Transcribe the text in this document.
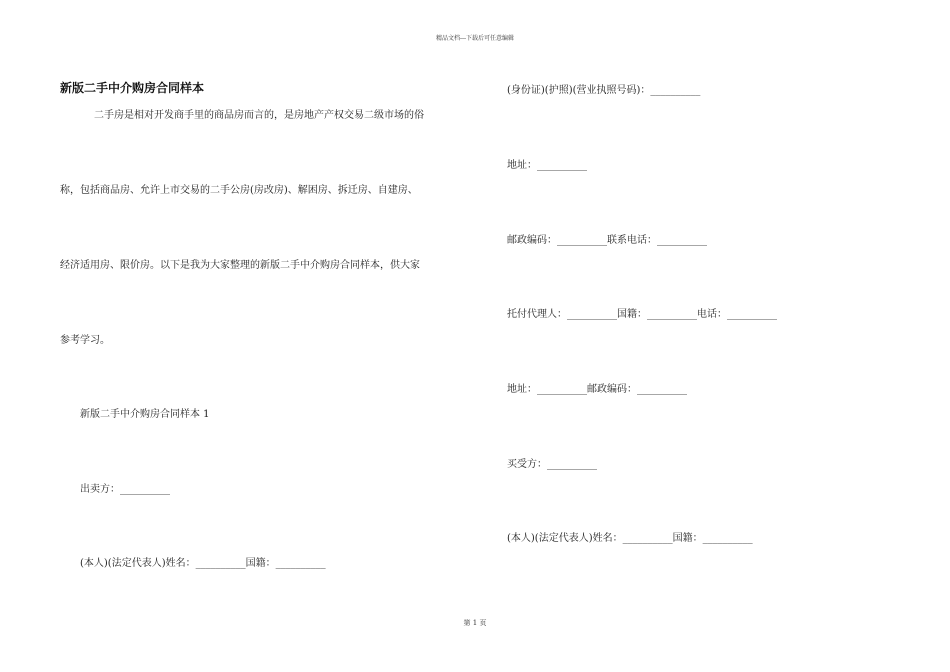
精品文档---下载后可任意编辑
新版二手中介购房合同样本
二手房是相对开发商手里的商品房而言的，是房地产产权交易二级市场的俗
称，包括商品房、允许上市交易的二手公房(房改房)、解困房、拆迁房、自建房、
经济适用房、限价房。以下是我为大家整理的新版二手中介购房合同样本，供大家
参考学习。
新版二手中介购房合同样本 1
出卖方：__________
(本人)(法定代表人)姓名：__________国籍：__________
(身份证)(护照)(营业执照号码)：__________
地址：__________
邮政编码：__________联系电话：__________
托付代理人：__________国籍：__________电话：__________
地址：__________邮政编码：__________
买受方：__________
(本人)(法定代表人)姓名：__________国籍：__________
第 1 页
